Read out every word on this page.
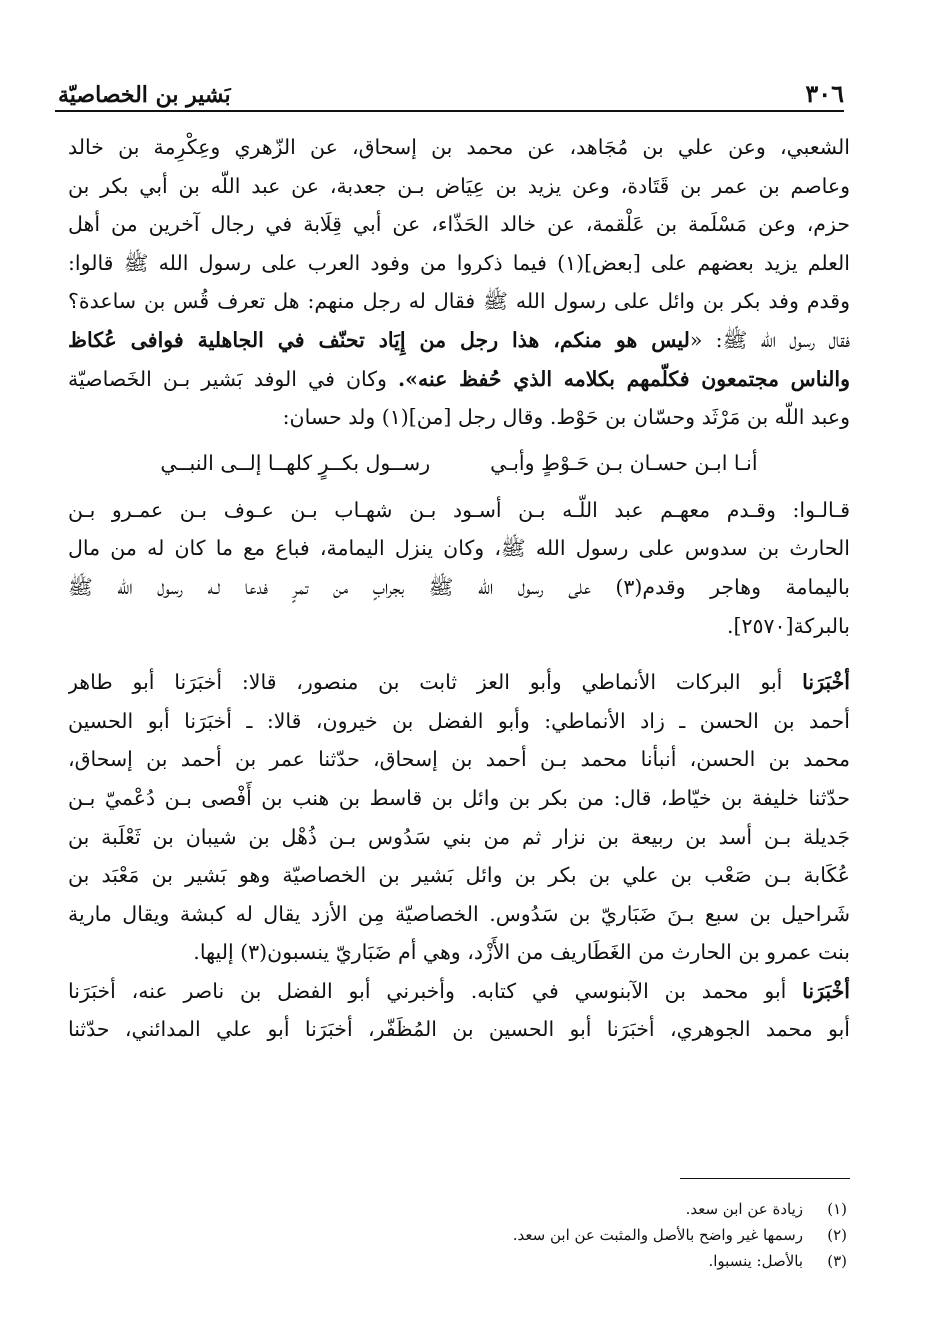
٣٠٦
بَشير بن الخصاصيّة
الشعبي، وعن علي بن مُجَاهد، عن محمد بن إسحاق، عن الزّهري وعِكْرِمة بن خالد
وعاصم بن عمر بن قَتَادة، وعن يزيد بن عِيَاض بـن جعدبة، عن عبد اللّه بن أبي بكر بن
حزم، وعن مَسْلَمة بن عَلْقمة، عن خالد الحَذّاء، عن أبي قِلَابة في رجال آخرين من أهل
العلم يزيد بعضهم على [بعض](١) فيما ذكروا من وفود العرب على رسول الله ﷺ قالوا:
وقدم وفد بكر بن وائل على رسول الله ﷺ فقال له رجل منهم: هل تعرف قُس بن ساعدة؟
فقال رسول الله ﷺ: «ليس هو منكم، هذا رجل من إِيَاد تحنّف في الجاهلية فوافى عُكاظ
والناس مجتمعون فكلّمهم بكلامه الذي حُفظ عنه». وكان في الوفد بَشير بـن الخَصاصيّة
وعبد اللّه بن مَرْثَد وحسّان بن حَوْط. وقال رجل [من](١) ولد حسان:
أنـا ابـن حسـان بـن حَـوْطٍ وأبـي
رســول بكــرٍ كلهــا إلــى النبــي
قـالـوا: وقـدم معهـم عبد اللّـه بـن أسـود بـن شهـاب بـن عـوف بـن عمـرو بـن
الحارث بن سدوس على رسول الله ﷺ، وكان ينزل اليمامة، فباع مع ما كان له من مال
باليمامة وهاجر وقدم(٣) على رسول الله ﷺ بجرابٍ من تمرٍ فدعا لـه رسول الله ﷺ
بالبركة[٢٥٧٠].
أخْبَرَنا أبو البركات الأنماطي وأبو العز ثابت بن منصور، قالا: أخبَرَنا أبو طاهر
أحمد بن الحسن ـ زاد الأنماطي: وأبو الفضل بن خيرون، قالا: ـ أخبَرَنا أبو الحسين
محمد بن الحسن، أنبأنا محمد بـن أحمد بن إسحاق، حدّثنا عمر بن أحمد بن إسحاق،
حدّثنا خليفة بن خيّاط، قال: من بكر بن وائل بن قاسط بن هنب بن أَفْصى بـن دُعْميّ بـن
جَديلة بـن أسد بن ربيعة بن نزار ثم من بني سَدُوس بـن ذُهْل بن شيبان بن ثَعْلَبة بن
عُكَابة بـن صَعْب بن علي بن بكر بن وائل بَشير بن الخصاصيّة وهو بَشير بن مَعْبَد بن
شَراحيل بن سبع بـنَ ضَبَاريّ بن سَدُوس. الخصاصيّة مِن الأزد يقال له كبشة ويقال مارية
بنت عمرو بن الحارث من الغَطَاريف من الأَزْد، وهي أم ضَبَاريّ ينسبون(٣) إليها.
أخْبَرَنا أبو محمد بن الآبنوسي في كتابه. وأخبرني أبو الفضل بن ناصر عنه، أخبَرَنا
أبو محمد الجوهري، أخبَرَنا أبو الحسين بن المُظَفّر، أخبَرَنا أبو علي المدائني، حدّثنا
(١)
زيادة عن ابن سعد.
(٢)
رسمها غير واضح بالأصل والمثبت عن ابن سعد.
(٣)
بالأصل: ينسبوا.
